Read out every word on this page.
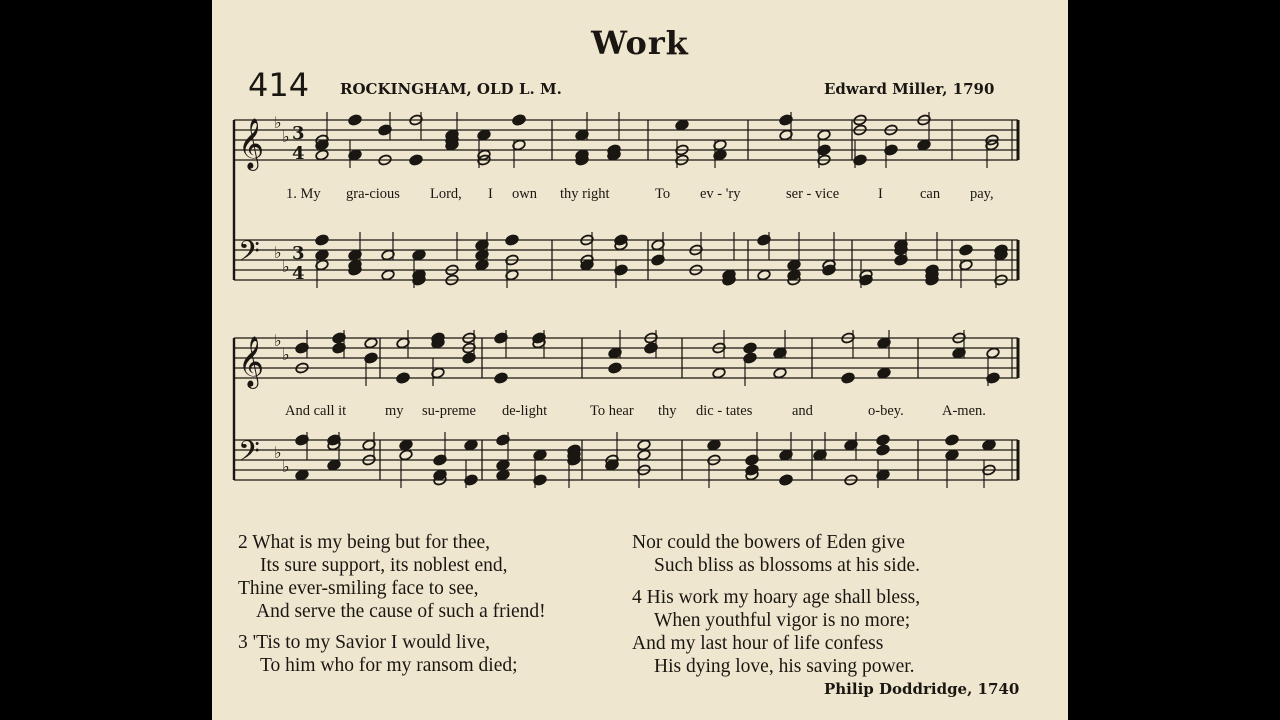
Work
414 ROCKINGHAM, OLD L. M.	Edward Miller, 1790
𝄞 ♭
♭ 3
4
𝄢 ♭
♭
3
4
𝄞 ♭
♭
𝄢 ♭
♭
1. My gra-cious Lord, I own thy right	To ev - 'ry	ser - vice	I	can pay,
And call it	my su-preme de-light	To hear thy dic - tates	and	o-bey.	A-men.
2 What is my being but for thee,
Its sure support, its noblest end,
Thine ever-smiling face to see,
And serve the cause of such a friend!
3 'Tis to my Savior I would live,
To him who for my ransom died;
Nor could the bowers of Eden give
Such bliss as blossoms at his side.
4 His work my hoary age shall bless,
When youthful vigor is no more;
And my last hour of life confess
His dying love, his saving power.
Philip Doddridge, 1740
